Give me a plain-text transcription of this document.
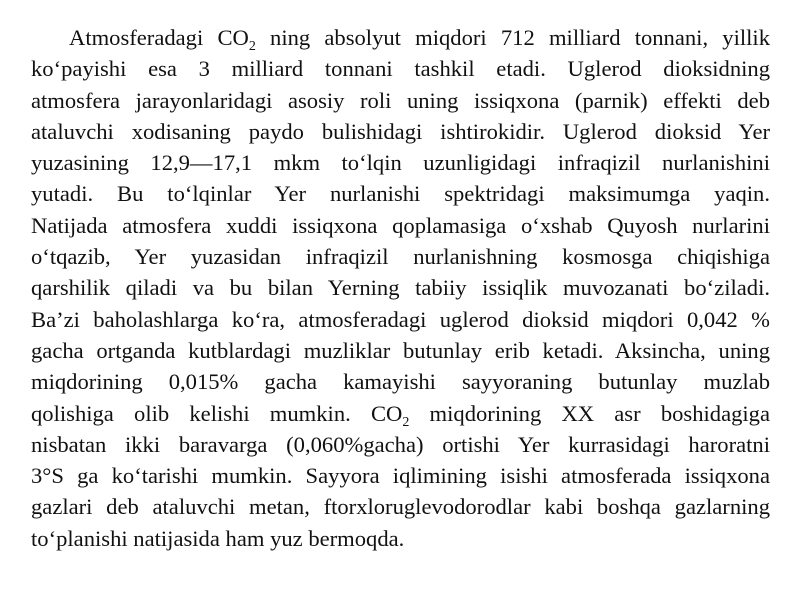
Atmosferadagi $CO_2$ ning absolyut miqdori 712 milliard tonnani, yillik
ko‘payishi esa 3 milliard tonnani tashkil etadi. Uglerod dioksidning
atmosfera jarayonlaridagi asosiy roli uning issiqxona (parnik) effekti deb
ataluvchi xodisaning paydo bulishidagi ishtirokidir. Uglerod dioksid Yer
yuzasining 12,9—17,1 mkm to‘lqin uzunligidagi infraqizil nurlanishini
yutadi. Bu to‘lqinlar Yer nurlanishi spektridagi maksimumga yaqin.
Natijada atmosfera xuddi issiqxona qoplamasiga o‘xshab Quyosh nurlarini
o‘tqazib, Yer yuzasidan infraqizil nurlanishning kosmosga chiqishiga
qarshilik qiladi va bu bilan Yerning tabiiy issiqlik muvozanati bo‘ziladi.
Ba’zi baholashlarga ko‘ra, atmosferadagi uglerod dioksid miqdori 0,042 %
gacha ortganda kutblardagi muzliklar butunlay erib ketadi. Aksincha, uning
miqdorining 0,015% gacha kamayishi sayyoraning butunlay muzlab
qolishiga olib kelishi mumkin. $CO_2$ miqdorining XX asr boshidagiga
nisbatan ikki baravarga (0,060%gacha) ortishi Yer kurrasidagi haroratni
3°S ga ko‘tarishi mumkin. Sayyora iqlimining isishi atmosferada issiqxona
gazlari deb ataluvchi metan, ftorxloruglevodorodlar kabi boshqa gazlarning
to‘planishi natijasida ham yuz bermoqda.
